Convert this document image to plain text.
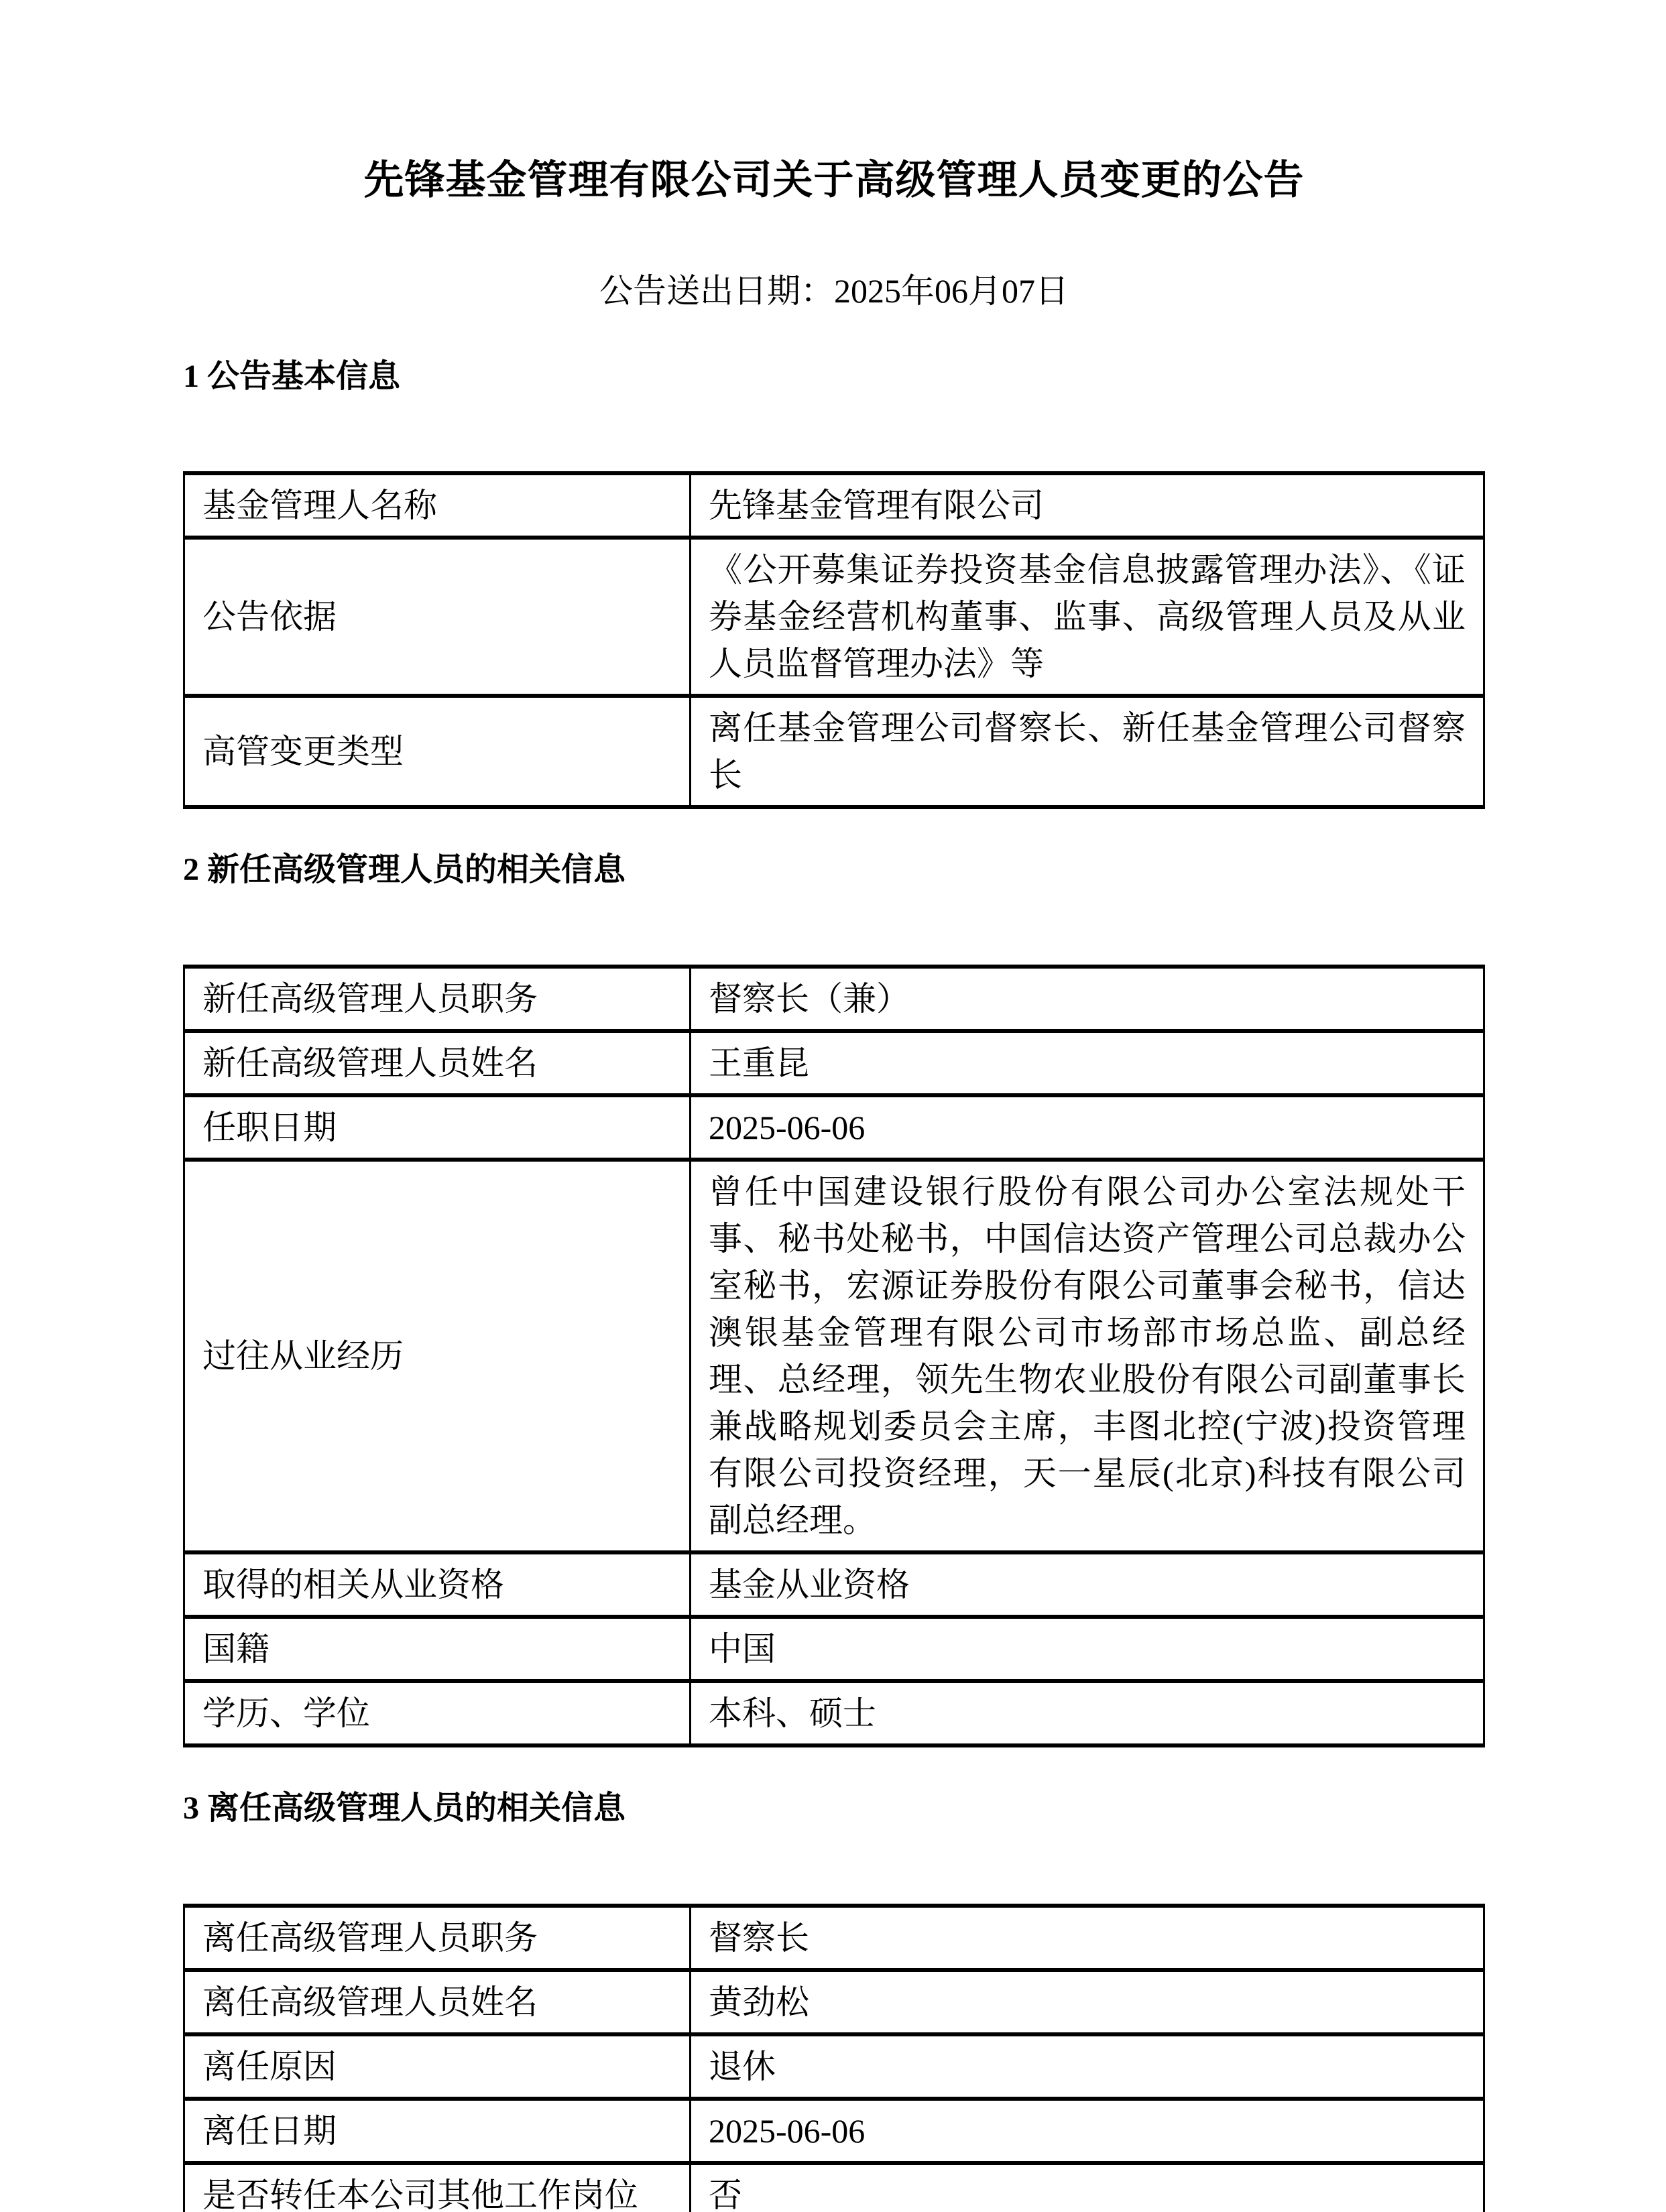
先锋基金管理有限公司关于高级管理人员变更的公告

公告送出日期：2025年06月07日

1 公告基本信息
基金管理人名称	先锋基金管理有限公司
公告依据	《公开募集证券投资基金信息披露管理办法》、《证券基金经营机构董事、监事、高级管理人员及从业人员监督管理办法》等
高管变更类型	离任基金管理公司督察长、新任基金管理公司督察长
2 新任高级管理人员的相关信息
新任高级管理人员职务	督察长（兼）
新任高级管理人员姓名	王重昆
任职日期	2025-06-06
过往从业经历	曾任中国建设银行股份有限公司办公室法规处干事、秘书处秘书，中国信达资产管理公司总裁办公室秘书，宏源证券股份有限公司董事会秘书，信达澳银基金管理有限公司市场部市场总监、副总经理、总经理，领先生物农业股份有限公司副董事长兼战略规划委员会主席，丰图北控(宁波)投资管理有限公司投资经理，天一星辰(北京)科技有限公司副总经理。
取得的相关从业资格	基金从业资格
国籍	中国
学历、学位	本科、硕士
3 离任高级管理人员的相关信息
离任高级管理人员职务	督察长
离任高级管理人员姓名	黄劲松
离任原因	退休
离任日期	2025-06-06
是否转任本公司其他工作岗位	否
